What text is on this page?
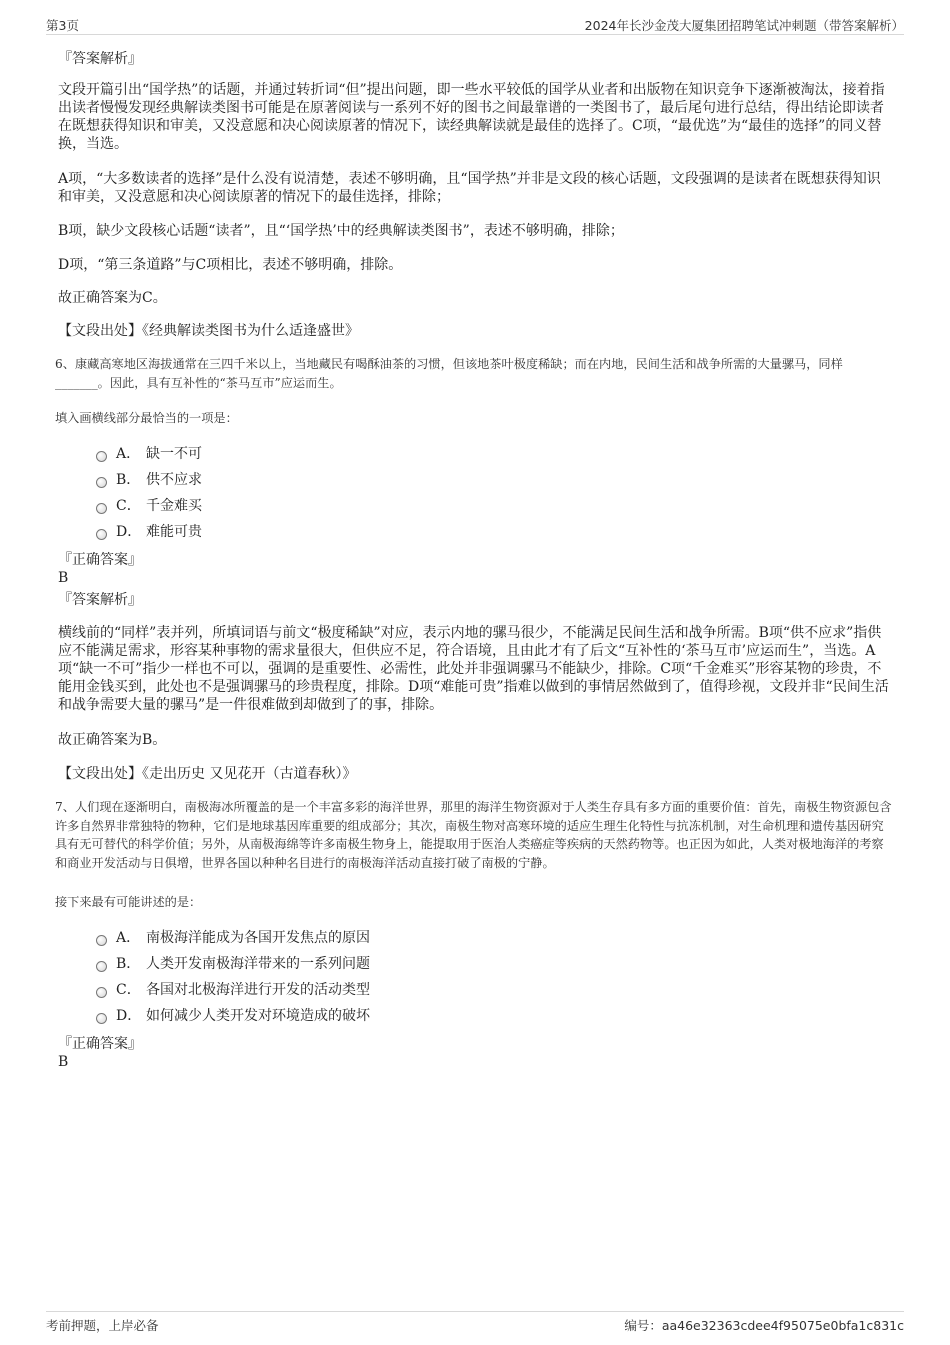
第3页	2024年长沙金茂大厦集团招聘笔试冲刺题（带答案解析）
『答案解析』
文段开篇引出“国学热”的话题，并通过转折词“但”提出问题，即一些水平较低的国学从业者和出版物在知识竞争下逐渐被淘汰，接着指出读者慢慢发现经典解读类图书可能是在原著阅读与一系列不好的图书之间最靠谱的一类图书了，最后尾句进行总结，得出结论即读者在既想获得知识和审美，又没意愿和决心阅读原著的情况下，读经典解读就是最佳的选择了。C项，“最优选”为“最佳的选择”的同义替换，当选。
A项，“大多数读者的选择”是什么没有说清楚，表述不够明确，且“国学热”并非是文段的核心话题，文段强调的是读者在既想获得知识和审美，又没意愿和决心阅读原著的情况下的最佳选择，排除；
B项，缺少文段核心话题“读者”，且“‘国学热’中的经典解读类图书”，表述不够明确，排除；
D项，“第三条道路”与C项相比，表述不够明确，排除。
故正确答案为C。
【文段出处】《经典解读类图书为什么适逢盛世》
6、康藏高寒地区海拔通常在三四千米以上，当地藏民有喝酥油茶的习惯，但该地茶叶极度稀缺；而在内地，民间生活和战争所需的大量骡马，同样_______。因此，具有互补性的“茶马互市”应运而生。
填入画横线部分最恰当的一项是：
A． 缺一不可
B． 供不应求
C． 千金难买
D． 难能可贵
『正确答案』
B
『答案解析』
横线前的“同样”表并列，所填词语与前文“极度稀缺”对应，表示内地的骡马很少，不能满足民间生活和战争所需。B项“供不应求”指供应不能满足需求，形容某种事物的需求量很大，但供应不足，符合语境，且由此才有了后文“互补性的‘茶马互市’应运而生”，当选。A项“缺一不可”指少一样也不可以，强调的是重要性、必需性，此处并非强调骡马不能缺少，排除。C项“千金难买”形容某物的珍贵，不能用金钱买到，此处也不是强调骡马的珍贵程度，排除。D项“难能可贵”指难以做到的事情居然做到了，值得珍视，文段并非“民间生活和战争需要大量的骡马”是一件很难做到却做到了的事，排除。
故正确答案为B。
【文段出处】《走出历史 又见花开（古道春秋）》
7、人们现在逐渐明白，南极海冰所覆盖的是一个丰富多彩的海洋世界，那里的海洋生物资源对于人类生存具有多方面的重要价值：首先，南极生物资源包含许多自然界非常独特的物种，它们是地球基因库重要的组成部分；其次，南极生物对高寒环境的适应生理生化特性与抗冻机制，对生命机理和遗传基因研究具有无可替代的科学价值；另外，从南极海绵等许多南极生物身上，能提取用于医治人类癌症等疾病的天然药物等。也正因为如此，人类对极地海洋的考察和商业开发活动与日俱增，世界各国以种种名目进行的南极海洋活动直接打破了南极的宁静。
接下来最有可能讲述的是：
A． 南极海洋能成为各国开发焦点的原因
B． 人类开发南极海洋带来的一系列问题
C． 各国对北极海洋进行开发的活动类型
D． 如何减少人类开发对环境造成的破坏
『正确答案』
B
考前押题，上岸必备	编号：aa46e32363cdee4f95075e0bfa1c831c
